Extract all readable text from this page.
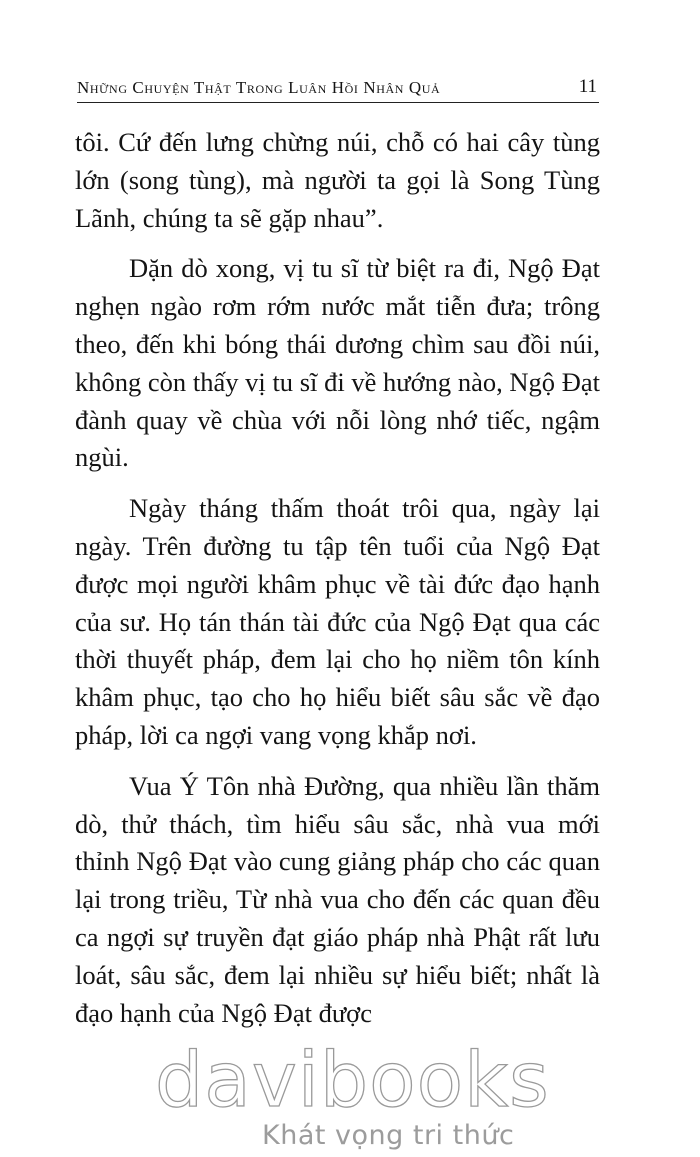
Những Chuyện Thật Trong Luân Hồi Nhân Quả	11

tôi. Cứ đến lưng chừng núi, chỗ có hai cây tùng lớn (song tùng), mà người ta gọi là Song Tùng Lãnh, chúng ta sẽ gặp nhau”.

Dặn dò xong, vị tu sĩ từ biệt ra đi, Ngộ Đạt nghẹn ngào rơm rớm nước mắt tiễn đưa; trông theo, đến khi bóng thái dương chìm sau đồi núi, không còn thấy vị tu sĩ đi về hướng nào, Ngộ Đạt đành quay về chùa với nỗi lòng nhớ tiếc, ngậm ngùi.

Ngày tháng thấm thoát trôi qua, ngày lại ngày. Trên đường tu tập tên tuổi của Ngộ Đạt được mọi người khâm phục về tài đức đạo hạnh của sư. Họ tán thán tài đức của Ngộ Đạt qua các thời thuyết pháp, đem lại cho họ niềm tôn kính khâm phục, tạo cho họ hiểu biết sâu sắc về đạo pháp, lời ca ngợi vang vọng khắp nơi.

Vua Ý Tôn nhà Đường, qua nhiều lần thăm dò, thử thách, tìm hiểu sâu sắc, nhà vua mới thỉnh Ngộ Đạt vào cung giảng pháp cho các quan lại trong triều, Từ nhà vua cho đến các quan đều ca ngợi sự truyền đạt giáo pháp nhà Phật rất lưu loát, sâu sắc, đem lại nhiều sự hiểu biết; nhất là đạo hạnh của Ngộ Đạt được

davibooks
Khát vọng tri thức
